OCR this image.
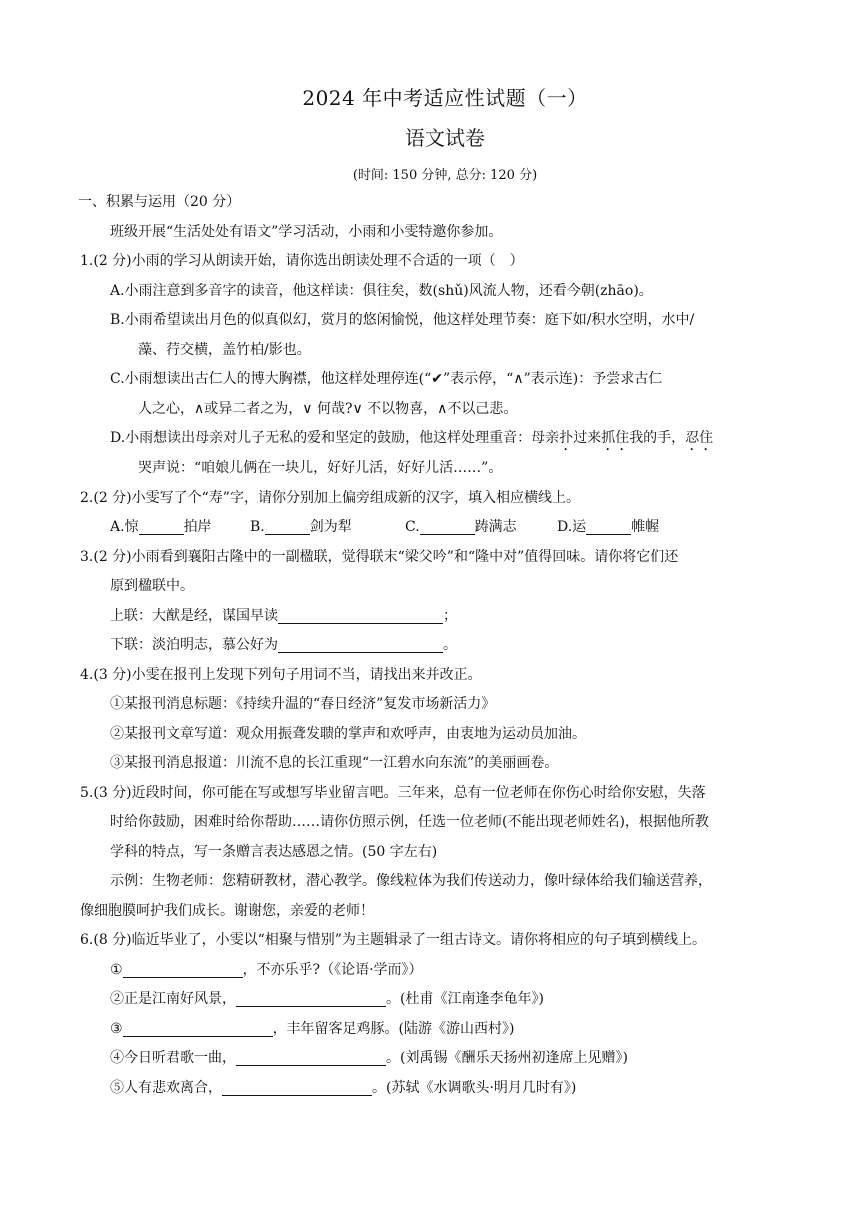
2024 年中考适应性试题（一）
语文试卷
(时间: 150 分钟, 总分: 120 分)
一、积累与运用（20 分）
班级开展“生活处处有语文”学习活动，小雨和小雯特邀你参加。
1.(2 分)小雨的学习从朗读开始，请你选出朗读处理不合适的一项（　）
A.小雨注意到多音字的读音，他这样读：俱往矣，数(shǔ)风流人物，还看今朝(zhāo)。
B.小雨希望读出月色的似真似幻，赏月的悠闲愉悦，他这样处理节奏：庭下如/积水空明，水中/
藻、荇交横，盖竹柏/影也。
C.小雨想读出古仁人的博大胸襟，他这样处理停连(“✔”表示停，“∧”表示连)：予尝求古仁
人之心，∧或异二者之为，∨ 何哉?∨ 不以物喜，∧不以己悲。
D.小雨想读出母亲对儿子无私的爱和坚定的鼓励，他这样处理重音：母亲扑过来抓住我的手，忍住
哭声说：“咱娘儿俩在一块儿，好好儿活，好好儿活……”。
2.(2 分)小雯写了个“寿”字，请你分别加上偏旁组成新的汉字，填入相应横线上。
A.惊	拍岸	B.	剑为犁	C.	踌满志	D.运	帷幄
3.(2 分)小雨看到襄阳古隆中的一副楹联，觉得联末“梁父吟”和“隆中对”值得回味。请你将它们还
原到楹联中。
上联：大猷是经，谋国早读	；
下联：淡泊明志，慕公好为	。
4.(3 分)小雯在报刊上发现下列句子用词不当，请找出来并改正。
①某报刊消息标题：《持续升温的“春日经济”复发市场新活力》
②某报刊文章写道：观众用振聋发聩的掌声和欢呼声，由衷地为运动员加油。
③某报刊消息报道：川流不息的长江重现“一江碧水向东流”的美丽画卷。
5.(3 分)近段时间，你可能在写或想写毕业留言吧。三年来，总有一位老师在你伤心时给你安慰，失落
时给你鼓励，困难时给你帮助……请你仿照示例，任选一位老师(不能出现老师姓名)，根据他所教
学科的特点，写一条赠言表达感恩之情。(50 字左右)
示例：生物老师：您精研教材，潜心教学。像线粒体为我们传送动力，像叶绿体给我们输送营养，
像细胞膜呵护我们成长。谢谢您，亲爱的老师！
6.(8 分)临近毕业了，小雯以“相聚与惜别”为主题辑录了一组古诗文。请你将相应的句子填到横线上。
①	，不亦乐乎?（《论语·学而》）
②正是江南好风景，	。(杜甫《江南逢李龟年》)
③	，丰年留客足鸡豚。(陆游《游山西村》)
④今日听君歌一曲，	。(刘禹锡《酬乐天扬州初逢席上见赠》)
⑤人有悲欢离合，	。(苏轼《水调歌头·明月几时有》)
